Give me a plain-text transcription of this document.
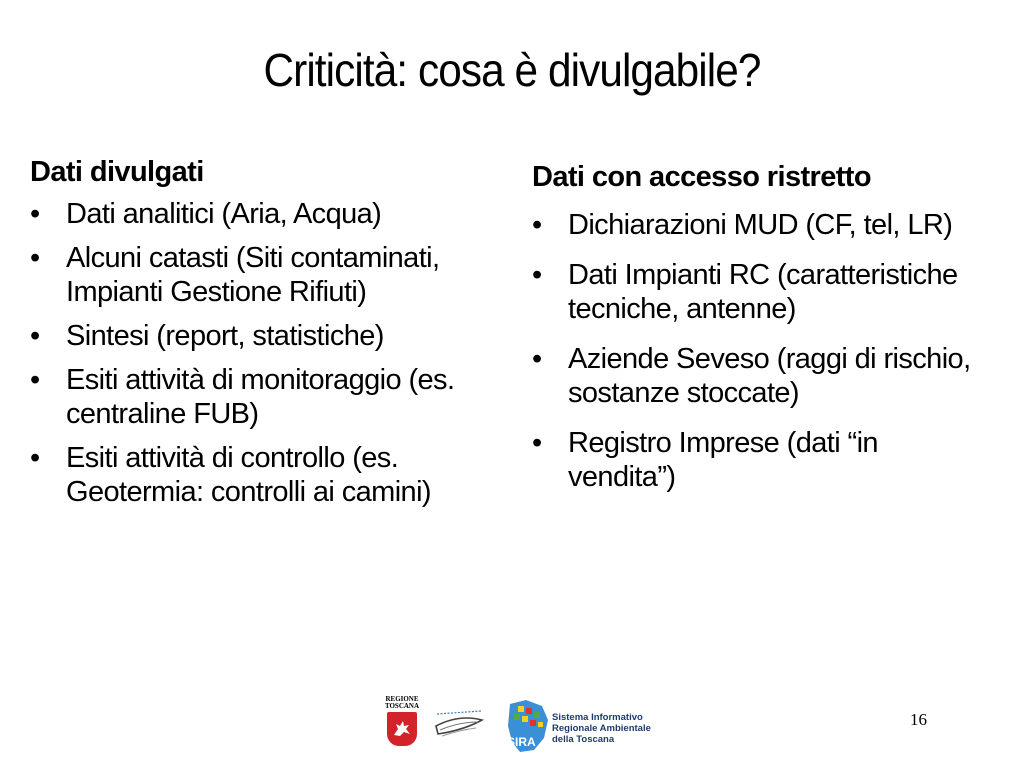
Criticità: cosa è divulgabile?
Dati divulgati
• Dati analitici (Aria, Acqua)
• Alcuni catasti (Siti contaminati, Impianti Gestione Rifiuti)
• Sintesi (report, statistiche)
• Esiti attività di monitoraggio (es. centraline FUB)
• Esiti attività di controllo (es. Geotermia: controlli ai camini)
Dati con accesso ristretto
• Dichiarazioni MUD (CF, tel, LR)
• Dati Impianti RC (caratteristiche tecniche, antenne)
• Aziende Seveso (raggi di rischio, sostanze stoccate)
• Registro Imprese (dati “in vendita”)
REGIONE
TOSCANA
SIRA
Sistema Informativo
Regionale Ambientale
della Toscana
16
